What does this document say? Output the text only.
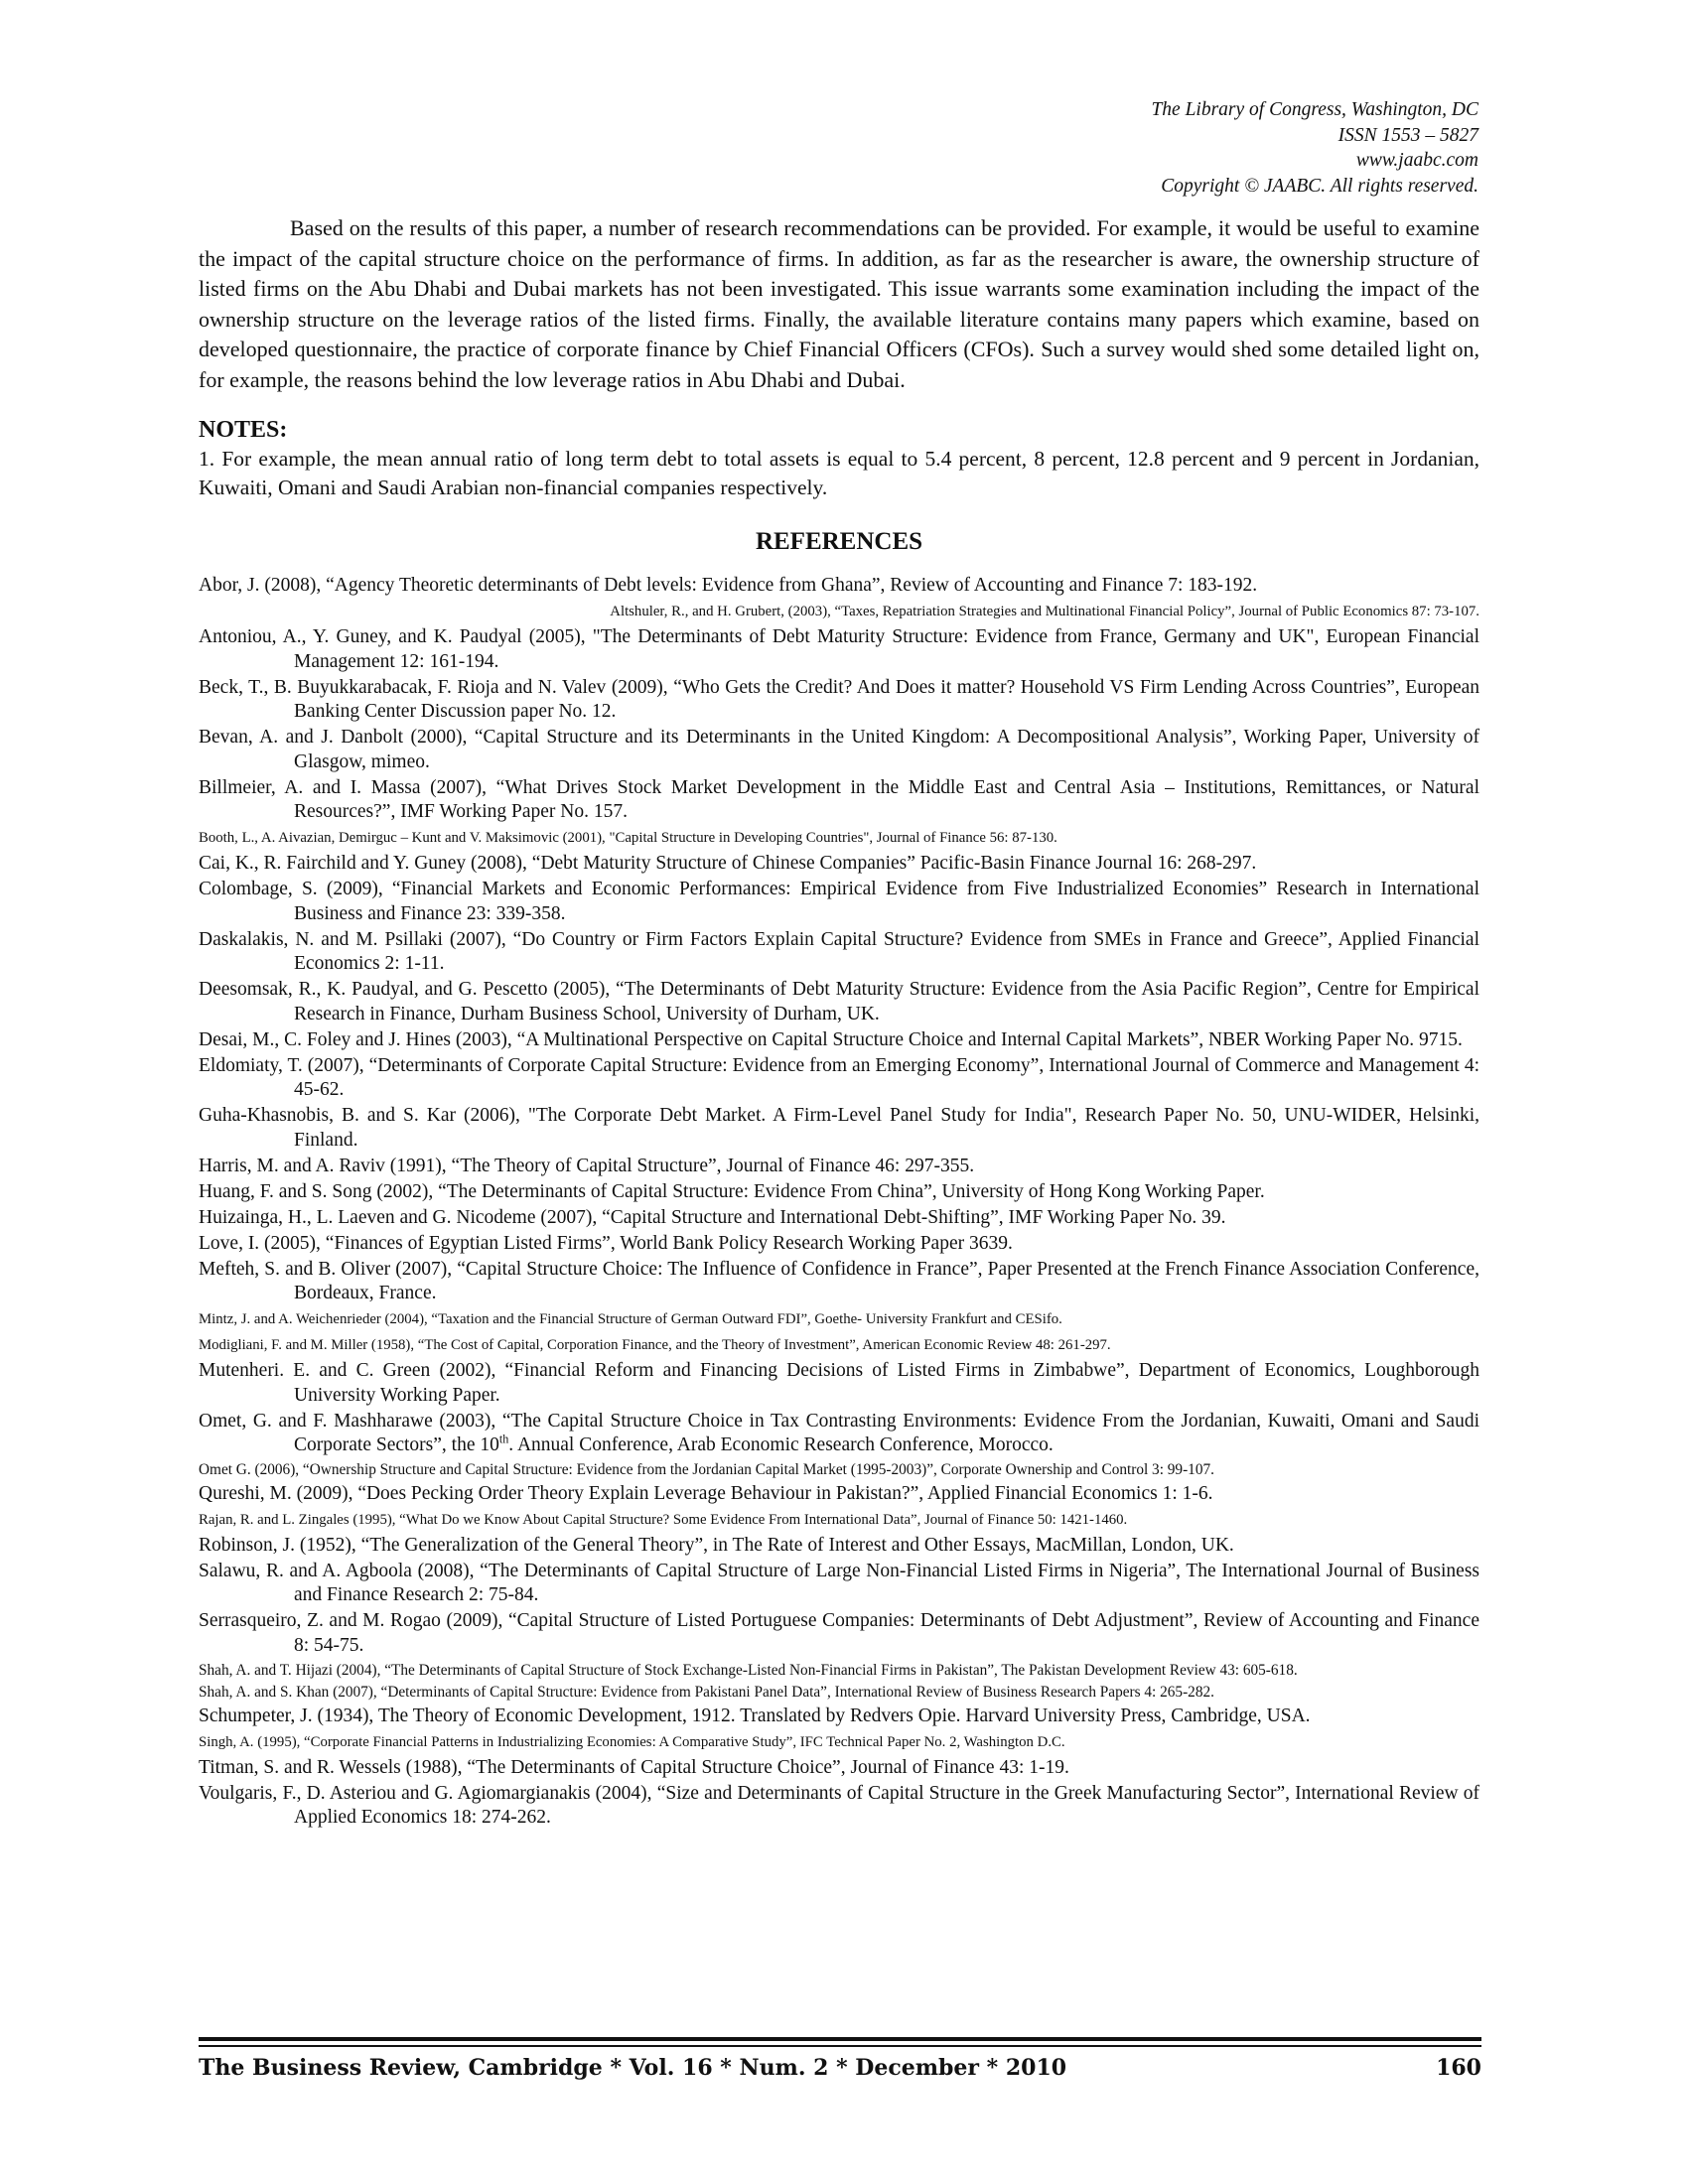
The Library of Congress, Washington, DC
ISSN 1553 – 5827
www.jaabc.com
Copyright © JAABC. All rights reserved.

Based on the results of this paper, a number of research recommendations can be provided. For example, it would be useful to examine the impact of the capital structure choice on the performance of firms. In addition, as far as the researcher is aware, the ownership structure of listed firms on the Abu Dhabi and Dubai markets has not been investigated. This issue warrants some examination including the impact of the ownership structure on the leverage ratios of the listed firms. Finally, the available literature contains many papers which examine, based on developed questionnaire, the practice of corporate finance by Chief Financial Officers (CFOs). Such a survey would shed some detailed light on, for example, the reasons behind the low leverage ratios in Abu Dhabi and Dubai.

NOTES:

1. For example, the mean annual ratio of long term debt to total assets is equal to 5.4 percent, 8 percent, 12.8 percent and 9 percent in Jordanian, Kuwaiti, Omani and Saudi Arabian non-financial companies respectively.

REFERENCES

Abor, J. (2008), “Agency Theoretic determinants of Debt levels: Evidence from Ghana”, Review of Accounting and Finance 7: 183-192.

Altshuler, R., and H. Grubert, (2003), “Taxes, Repatriation Strategies and Multinational Financial Policy”, Journal of Public Economics 87: 73-107.

Antoniou, A., Y. Guney, and K. Paudyal (2005), "The Determinants of Debt Maturity Structure: Evidence from France, Germany and UK", European Financial Management 12: 161-194.

Beck, T., B. Buyukkarabacak, F. Rioja and N. Valev (2009), “Who Gets the Credit? And Does it matter? Household VS Firm Lending Across Countries”, European Banking Center Discussion paper No. 12.

Bevan, A. and J. Danbolt (2000), “Capital Structure and its Determinants in the United Kingdom: A Decompositional Analysis”, Working Paper, University of Glasgow, mimeo.

Billmeier, A. and I. Massa (2007), “What Drives Stock Market Development in the Middle East and Central Asia – Institutions, Remittances, or Natural Resources?”, IMF Working Paper No. 157.

Booth, L., A. Aivazian, Demirguc – Kunt and V. Maksimovic (2001), "Capital Structure in Developing Countries", Journal of Finance 56: 87-130.

Cai, K., R. Fairchild and Y. Guney (2008), “Debt Maturity Structure of Chinese Companies” Pacific-Basin Finance Journal 16: 268-297.

Colombage, S. (2009), “Financial Markets and Economic Performances: Empirical Evidence from Five Industrialized Economies” Research in International Business and Finance 23: 339-358.

Daskalakis, N. and M. Psillaki (2007), “Do Country or Firm Factors Explain Capital Structure? Evidence from SMEs in France and Greece”, Applied Financial Economics 2: 1-11.

Deesomsak, R., K. Paudyal, and G. Pescetto (2005), “The Determinants of Debt Maturity Structure: Evidence from the Asia Pacific Region”, Centre for Empirical Research in Finance, Durham Business School, University of Durham, UK.

Desai, M., C. Foley and J. Hines (2003), “A Multinational Perspective on Capital Structure Choice and Internal Capital Markets”, NBER Working Paper No. 9715.

Eldomiaty, T. (2007), “Determinants of Corporate Capital Structure: Evidence from an Emerging Economy”, International Journal of Commerce and Management 4: 45-62.

Guha-Khasnobis, B. and S. Kar (2006), "The Corporate Debt Market. A Firm-Level Panel Study for India", Research Paper No. 50, UNU-WIDER, Helsinki, Finland.

Harris, M. and A. Raviv (1991), “The Theory of Capital Structure”, Journal of Finance 46: 297-355.

Huang, F. and S. Song (2002), “The Determinants of Capital Structure: Evidence From China”, University of Hong Kong Working Paper.

Huizainga, H., L. Laeven and G. Nicodeme (2007), “Capital Structure and International Debt-Shifting”, IMF Working Paper No. 39.

Love, I. (2005), “Finances of Egyptian Listed Firms”, World Bank Policy Research Working Paper 3639.

Mefteh, S. and B. Oliver (2007), “Capital Structure Choice: The Influence of Confidence in France”, Paper Presented at the French Finance Association Conference, Bordeaux, France.

Mintz, J. and A. Weichenrieder (2004), “Taxation and the Financial Structure of German Outward FDI”, Goethe- University Frankfurt and CESifo.

Modigliani, F. and M. Miller (1958), “The Cost of Capital, Corporation Finance, and the Theory of Investment”, American Economic Review 48: 261-297.

Mutenheri. E. and C. Green (2002), “Financial Reform and Financing Decisions of Listed Firms in Zimbabwe”, Department of Economics, Loughborough University Working Paper.

Omet, G. and F. Mashharawe (2003), “The Capital Structure Choice in Tax Contrasting Environments: Evidence From the Jordanian, Kuwaiti, Omani and Saudi Corporate Sectors”, the 10th. Annual Conference, Arab Economic Research Conference, Morocco.

Omet G. (2006), “Ownership Structure and Capital Structure: Evidence from the Jordanian Capital Market (1995-2003)”, Corporate Ownership and Control 3: 99-107.

Qureshi, M. (2009), “Does Pecking Order Theory Explain Leverage Behaviour in Pakistan?”, Applied Financial Economics 1: 1-6.

Rajan, R. and L. Zingales (1995), “What Do we Know About Capital Structure? Some Evidence From International Data”, Journal of Finance 50: 1421-1460.

Robinson, J. (1952), “The Generalization of the General Theory”, in The Rate of Interest and Other Essays, MacMillan, London, UK.

Salawu, R. and A. Agboola (2008), “The Determinants of Capital Structure of Large Non-Financial Listed Firms in Nigeria”, The International Journal of Business and Finance Research 2: 75-84.

Serrasqueiro, Z. and M. Rogao (2009), “Capital Structure of Listed Portuguese Companies: Determinants of Debt Adjustment”, Review of Accounting and Finance 8: 54-75.

Shah, A. and T. Hijazi (2004), “The Determinants of Capital Structure of Stock Exchange-Listed Non-Financial Firms in Pakistan”, The Pakistan Development Review 43: 605-618.

Shah, A. and S. Khan (2007), “Determinants of Capital Structure: Evidence from Pakistani Panel Data”, International Review of Business Research Papers 4: 265-282.

Schumpeter, J. (1934), The Theory of Economic Development, 1912. Translated by Redvers Opie. Harvard University Press, Cambridge, USA.

Singh, A. (1995), “Corporate Financial Patterns in Industrializing Economies: A Comparative Study”, IFC Technical Paper No. 2, Washington D.C.

Titman, S. and R. Wessels (1988), “The Determinants of Capital Structure Choice”, Journal of Finance 43: 1-19.

Voulgaris, F., D. Asteriou and G. Agiomargianakis (2004), “Size and Determinants of Capital Structure in the Greek Manufacturing Sector”, International Review of Applied Economics 18: 274-262.

The Business Review, Cambridge * Vol. 16 * Num. 2 * December * 2010	160
